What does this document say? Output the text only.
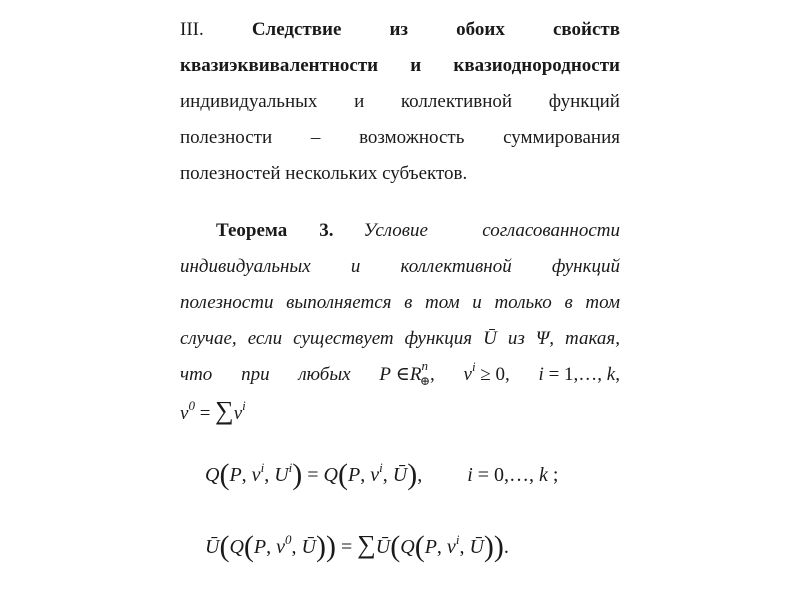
III.	Следствие	из	обоих	свойств
квазиэквивалентности и квазиоднородности
индивидуальных и коллективной функций
полезности – возможность суммирования
полезностей нескольких субъектов.
Теорема 3. Условие	согласованности
индивидуальных и коллективной функций
полезности выполняется в том и только в том
случае, если существует функция Ū из Ψ, такая,
что при любых P $\in R^n_\oplus$, $v^i \ge 0$, i = 1,…, k,
$v^0 = \sum v^i$
Q(P, vi, Ui) = Q(P, vi, Ū), i = 0,…, k ;
Ū(Q(P, v0, Ū)) = ∑Ū(Q(P, vi, Ū)).
